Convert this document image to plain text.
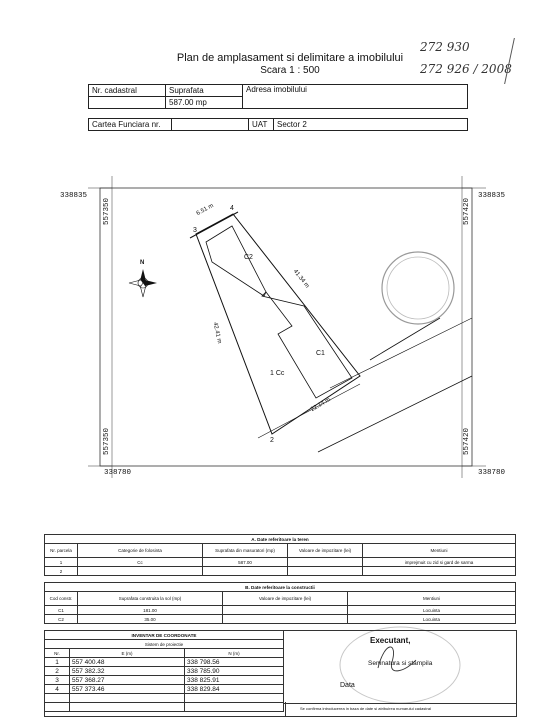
Plan de amplasament si delimitare a imobilului
Scara 1 : 500
272 930
272 926 / 2008
Nr. cadastral	Suprafata	Adresa imobilului
	587.00 mp	
Cartea Funciara nr.		UAT	Sector 2
338835	338835
338780	338780
557350	557420
557350	557420
3
4
2
6.51 m
41.34 m
42.41 m
22.14 m
C2
C1
1 Cc
N
A. Date referitoare la teren				
Nr. parcela	Categorie de folosinta	Suprafata din masuratori (mp)	Valoare de impozitare (lei)	Mentiuni
1	Cc	587.00		imprejmuit cu zid si gard de sarma
2				
B. Date referitoare la constructii			
Cod constr.	Suprafata construita la sol (mp)	Valoare de impozitare (lei)	Mentiuni
C1	181.00		Locuinta
C2	35.00		Locuinta
INVENTAR DE COORDONATE		
Sistem de proiectie		
Nr.	E (m)	N (m)
1	557 400.48	338 798.56
2	557 382.32	338 785.90
3	557 368.27	338 825.91
4	557 373.46	338 829.84

Executant,
Semnatura si stampila
Data
Se confirma introducerea in baza de date si atribuirea numarului cadastral
